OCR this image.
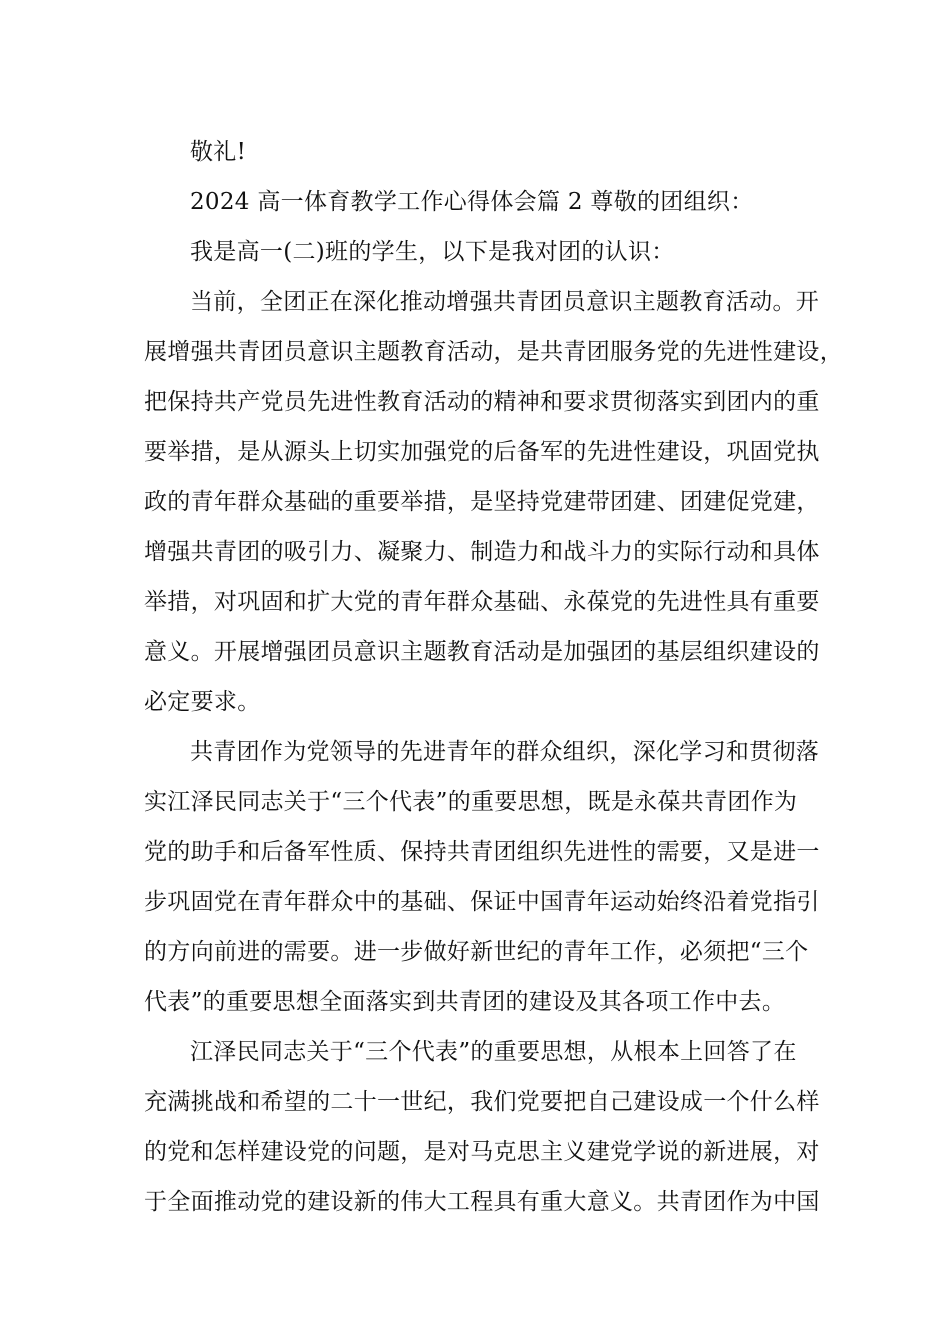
敬礼!
2024 高一体育教学工作心得体会篇 2 尊敬的团组织：
我是高一(二)班的学生，以下是我对团的认识：
当前，全团正在深化推动增强共青团员意识主题教育活动。开
展增强共青团员意识主题教育活动，是共青团服务党的先进性建设，
把保持共产党员先进性教育活动的精神和要求贯彻落实到团内的重
要举措，是从源头上切实加强党的后备军的先进性建设，巩固党执
政的青年群众基础的重要举措，是坚持党建带团建、团建促党建，
增强共青团的吸引力、凝聚力、制造力和战斗力的实际行动和具体
举措，对巩固和扩大党的青年群众基础、永葆党的先进性具有重要
意义。开展增强团员意识主题教育活动是加强团的基层组织建设的
必定要求。
共青团作为党领导的先进青年的群众组织，深化学习和贯彻落
实江泽民同志关于“三个代表”的重要思想，既是永葆共青团作为
党的助手和后备军性质、保持共青团组织先进性的需要，又是进一
步巩固党在青年群众中的基础、保证中国青年运动始终沿着党指引
的方向前进的需要。进一步做好新世纪的青年工作，必须把“三个
代表”的重要思想全面落实到共青团的建设及其各项工作中去。
江泽民同志关于“三个代表”的重要思想，从根本上回答了在
充满挑战和希望的二十一世纪，我们党要把自己建设成一个什么样
的党和怎样建设党的问题，是对马克思主义建党学说的新进展，对
于全面推动党的建设新的伟大工程具有重大意义。共青团作为中国
